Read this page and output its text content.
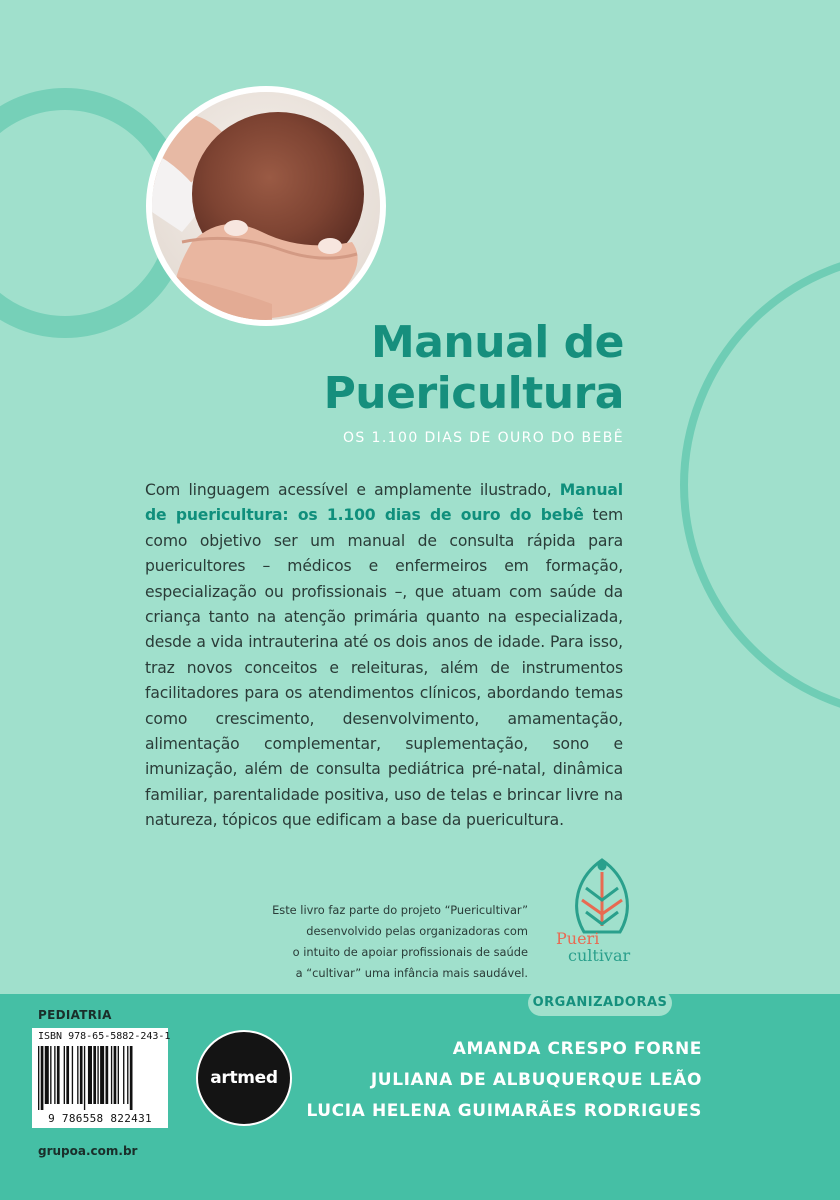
Manual de
Puericultura
OS 1.100 DIAS DE OURO DO BEBÊ
Com linguagem acessível e amplamente ilustrado, Manual de puericultura: os 1.100 dias de ouro do bebê tem como objetivo ser um manual de consulta rápida para puericultores – médicos e enfermeiros em formação, especialização ou profissionais –, que atuam com saúde da criança tanto na atenção primária quanto na especializada, desde a vida intrauterina até os dois anos de idade. Para isso, traz novos conceitos e releituras, além de instrumentos facilitadores para os atendimentos clínicos, abordando temas como crescimento, desenvolvimento, amamentação, alimentação complementar, suplementação, sono e imunização, além de consulta pediátrica pré-natal, dinâmica familiar, parentalidade positiva, uso de telas e brincar livre na natureza, tópicos que edificam a base da puericultura.
Este livro faz parte do projeto “Puericultivar”
desenvolvido pelas organizadoras com
o intuito de apoiar profissionais de saúde
a “cultivar” uma infância mais saudável.
Pueri
cultivar
ORGANIZADORAS
AMANDA CRESPO FORNE
JULIANA DE ALBUQUERQUE LEÃO
LUCIA HELENA GUIMARÃES RODRIGUES
PEDIATRIA
ISBN 978-65-5882-243-1
9 786558 822431
grupoa.com.br
artmed
